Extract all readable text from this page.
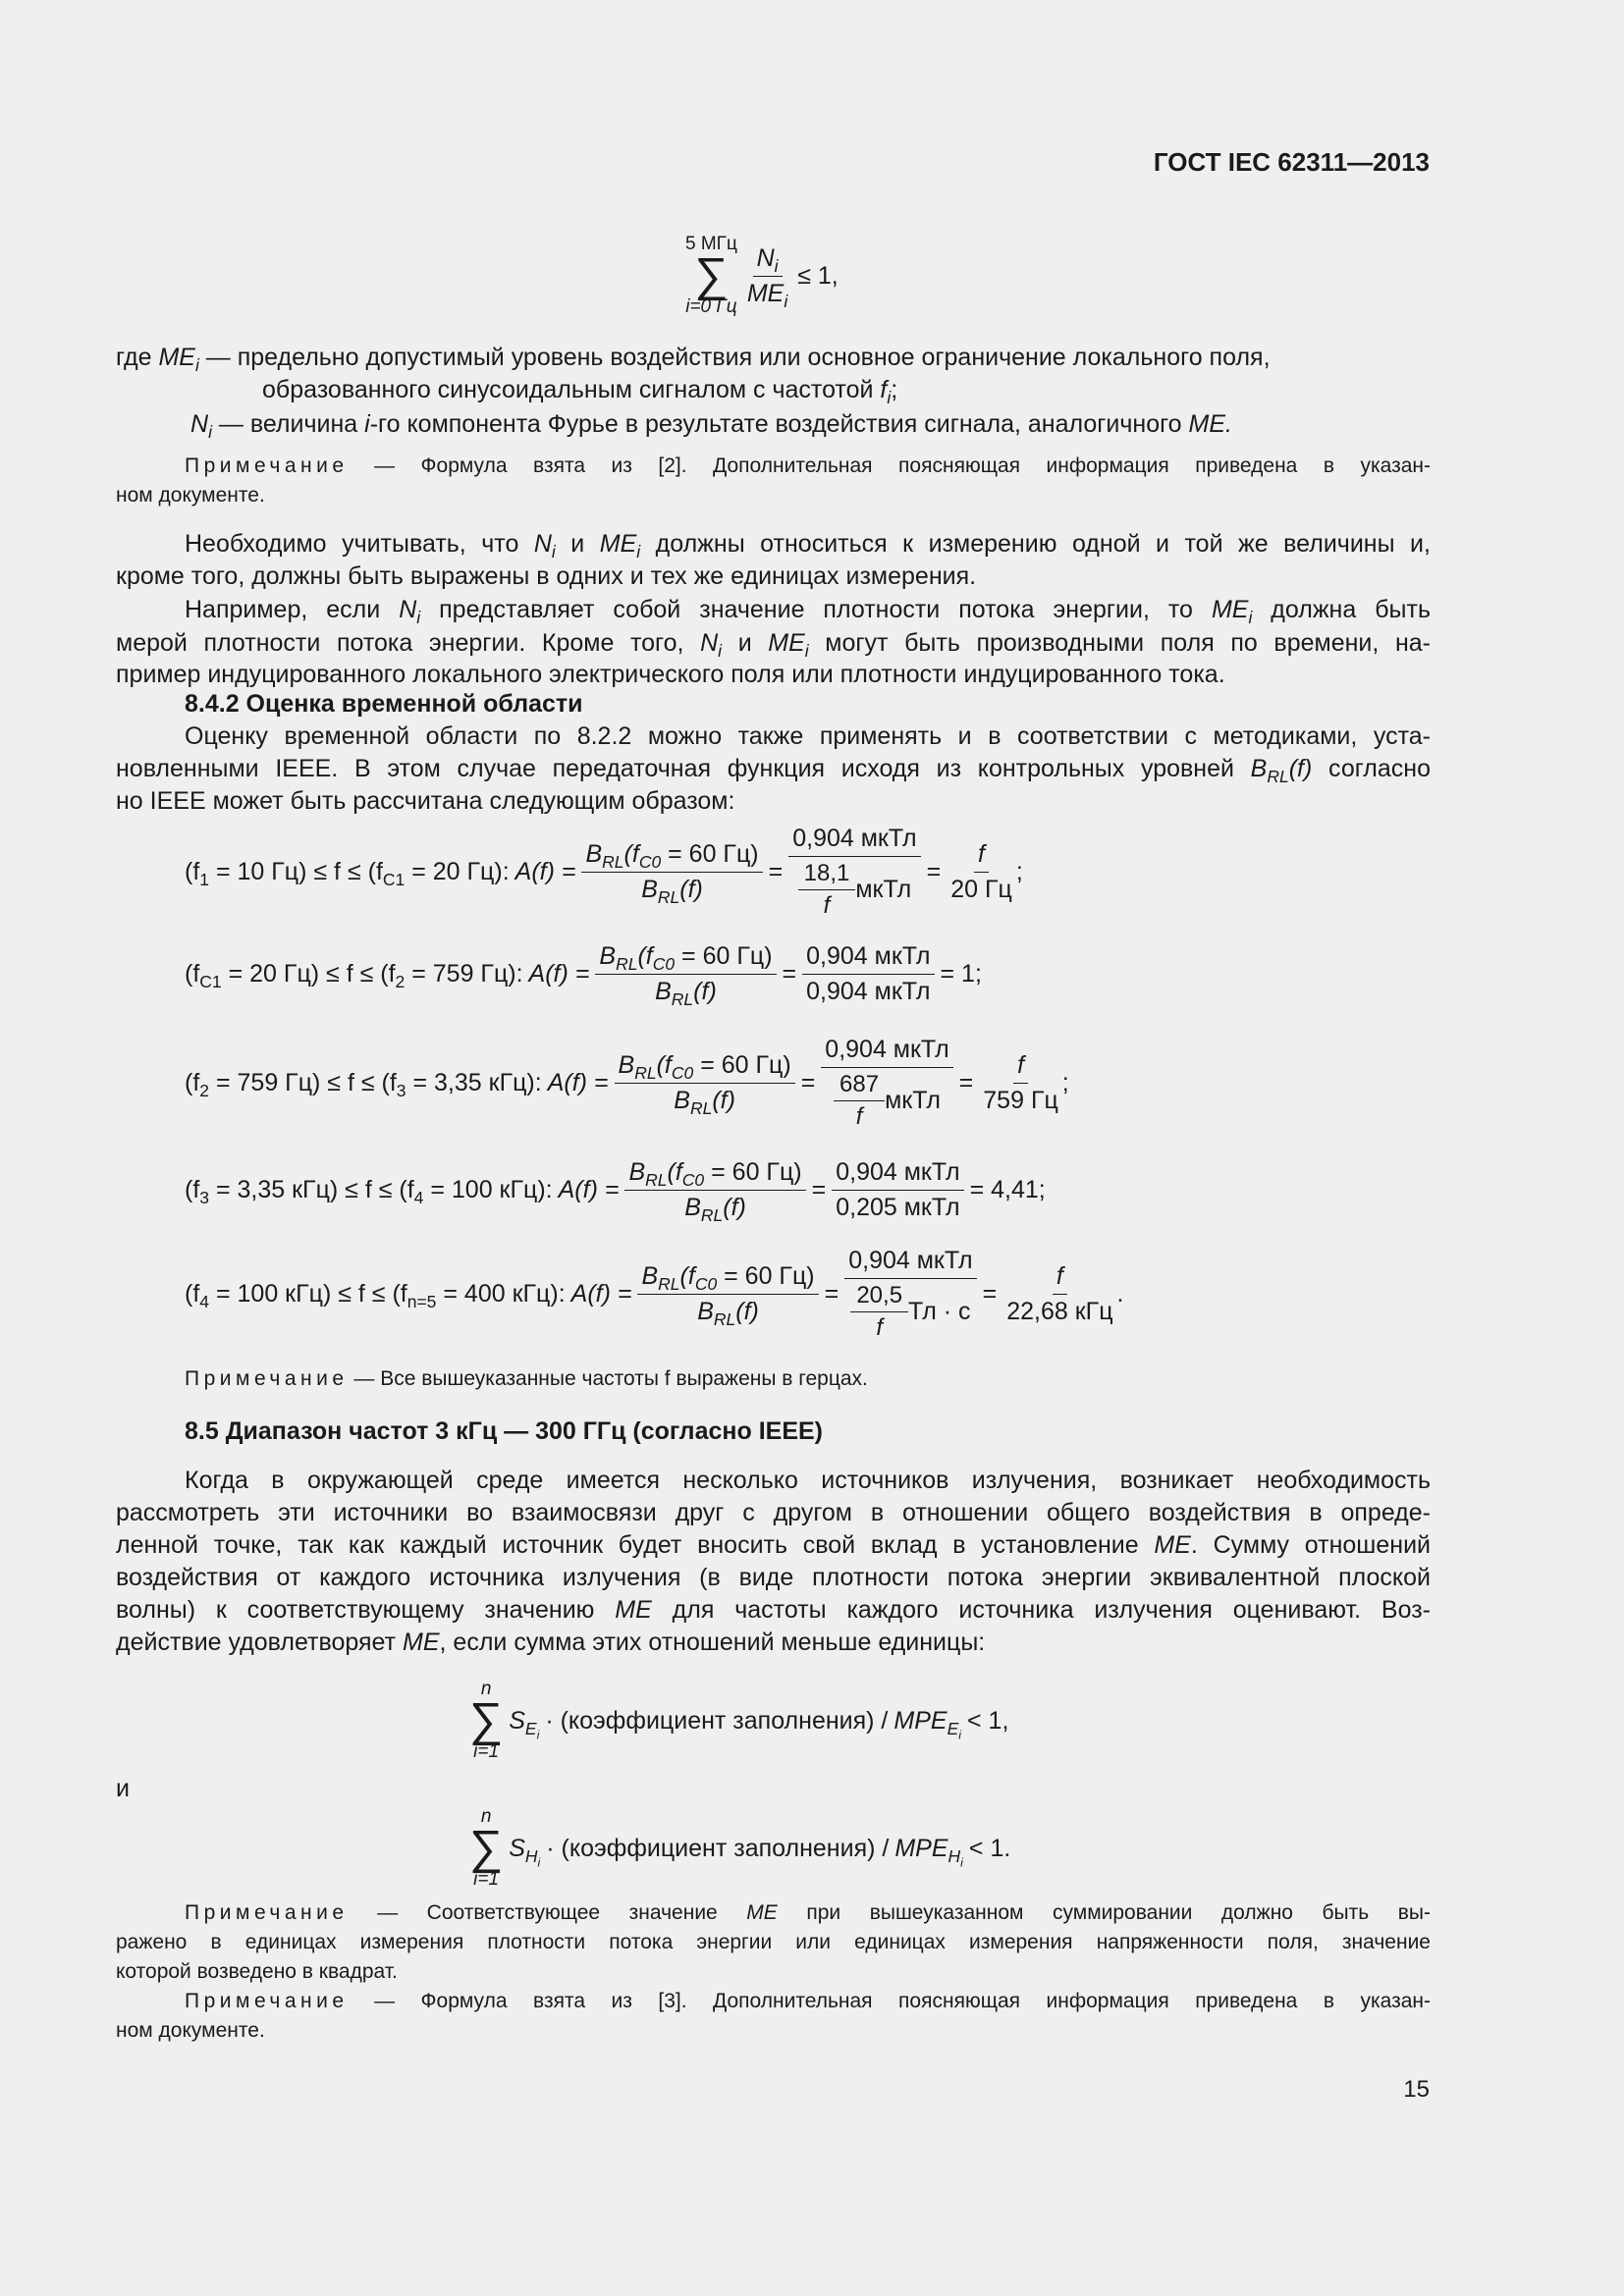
ГОСТ IEC 62311—2013
5 МГц
∑
i=0 Гц $\frac{N_i}{ME_i} \le 1$,
где $ME_i$ — предельно допустимый уровень воздействия или основное ограничение локального поля,
образованного синусоидальным сигналом с частотой $f_i$;
$N_i$ — величина i-го компонента Фурье в результате воздействия сигнала, аналогичного ME.
Примечание — Формула взята из [2]. Дополнительная поясняющая информация приведена в указан-
ном документе.
Необходимо учитывать, что $N_i$ и $ME_i$ должны относиться к измерению одной и той же величины и,
кроме того, должны быть выражены в одних и тех же единицах измерения.
Например, если $N_i$ представляет собой значение плотности потока энергии, то $ME_i$ должна быть
мерой плотности потока энергии. Кроме того, $N_i$ и $ME_i$ могут быть производными поля по времени, на-
пример индуцированного локального электрического поля или плотности индуцированного тока.
8.4.2 Оценка временной области
Оценку временной области по 8.2.2 можно также применять и в соответствии с методиками, уста-
новленными IEEE. В этом случае передаточная функция исходя из контрольных уровней $B_{RL}(f)$ согласно
но IEEE может быть рассчитана следующим образом:
($f_1 = 10$ $Гц) \le f \le (f_{C1} = 20$ Гц): $A(f) = \frac{B_{RL}(f_{C0} = 60 Гц)}{B_{RL}(f)} = 0,904$ мкТл
18,1
f
мкТл = $\frac{f}{20 Гц}$ ;
($f_{C1} = 20$ $Гц) \le f \le (f_2 = 759$ Гц): $A(f) = \frac{B_{RL}(f_{C0} = 60 Гц)}{B_{RL}(f)} = \frac{\text{0,904 мкТл}}{\text{0,904 мкТл}} = 1$;
($f_2 = 759$ $Гц) \le f \le (f_3 = 3,35$ кГц): $A(f) = \frac{B_{RL}(f_{C0} = 60 Гц)}{B_{RL}(f)} = 0,904$ мкТл
687
f
мкТл = $\frac{f}{759 Гц}$ ;
($f_3 = 3,35$ $кГц) \le f \le (f_4 = 100$ кГц): $A(f) = \frac{B_{RL}(f_{C0} = 60 Гц)}{B_{RL}(f)} = \frac{\text{0,904 мкТл}}{\text{0,205 мкТл}} = 4,41$;
($f_4 = 100$ $кГц) \le f \le (f_{n=5} = 400$ кГц): $A(f) = \frac{B_{RL}(f_{C0} = 60 Гц)}{B_{RL}(f)} = 0,904$ мкТл
20,5
f
Тл · $с = \frac{f}{\text{22,68 кГц}}$ .
Примечание — Все вышеуказанные частоты f выражены в герцах.
8.5 Диапазон частот 3 кГц — 300 ГГц (согласно IEEE)
Когда в окружающей среде имеется несколько источников излучения, возникает необходимость
рассмотреть эти источники во взаимосвязи друг с другом в отношении общего воздействия в опреде-
ленной точке, так как каждый источник будет вносить свой вклад в установление ME. Сумму отношений
воздействия от каждого источника излучения (в виде плотности потока энергии эквивалентной плоской
волны) к соответствующему значению ME для частоты каждого источника излучения оценивают. Воз-
действие удовлетворяет ME, если сумма этих отношений меньше единицы:
n
∑
i=1
$S_{E_i}$
· (коэффициент заполнения) / $MPE_{E_i}$
< 1,
и
n
∑
i=1
$S_{H_i}$
· (коэффициент заполнения) / $MPE_{H_i}$
< 1.
Примечание — Соответствующее значение ME при вышеуказанном суммировании должно быть вы-
ражено в единицах измерения плотности потока энергии или единицах измерения напряженности поля, значение
которой возведено в квадрат.
Примечание — Формула взята из [3]. Дополнительная поясняющая информация приведена в указан-
ном документе.
15
